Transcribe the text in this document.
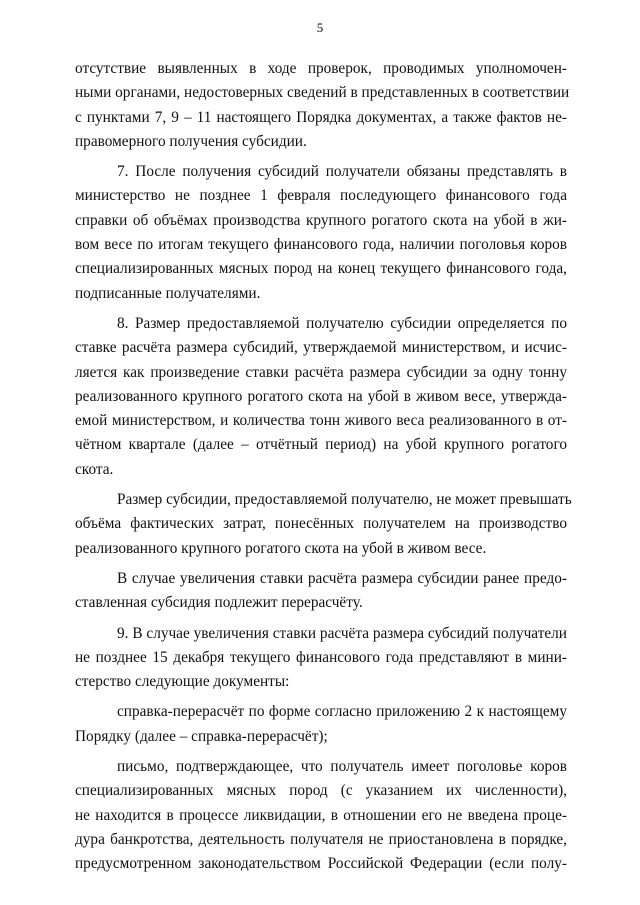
5
отсутствие выявленных в ходе проверок, проводимых уполномочен-
ными органами, недостоверных сведений в представленных в соответствии
с пунктами 7, 9 – 11 настоящего Порядка документах, а также фактов не-
правомерного получения субсидии.
7. После получения субсидий получатели обязаны представлять в
министерство не позднее 1 февраля последующего финансового года
справки об объёмах производства крупного рогатого скота на убой в жи-
вом весе по итогам текущего финансового года, наличии поголовья коров
специализированных мясных пород на конец текущего финансового года,
подписанные получателями.
8. Размер предоставляемой получателю субсидии определяется по
ставке расчёта размера субсидий, утверждаемой министерством, и исчис-
ляется как произведение ставки расчёта размера субсидии за одну тонну
реализованного крупного рогатого скота на убой в живом весе, утвержда-
емой министерством, и количества тонн живого веса реализованного в от-
чётном квартале (далее – отчётный период) на убой крупного рогатого
скота.
Размер субсидии, предоставляемой получателю, не может превышать
объёма фактических затрат, понесённых получателем на производство
реализованного крупного рогатого скота на убой в живом весе.
В случае увеличения ставки расчёта размера субсидии ранее предо-
ставленная субсидия подлежит перерасчёту.
9. В случае увеличения ставки расчёта размера субсидий получатели
не позднее 15 декабря текущего финансового года представляют в мини-
стерство следующие документы:
справка-перерасчёт по форме согласно приложению 2 к настоящему
Порядку (далее – справка-перерасчёт);
письмо, подтверждающее, что получатель имеет поголовье коров
специализированных мясных пород (с указанием их численности),
не находится в процессе ликвидации, в отношении его не введена проце-
дура банкротства, деятельность получателя не приостановлена в порядке,
предусмотренном законодательством Российской Федерации (если полу-
